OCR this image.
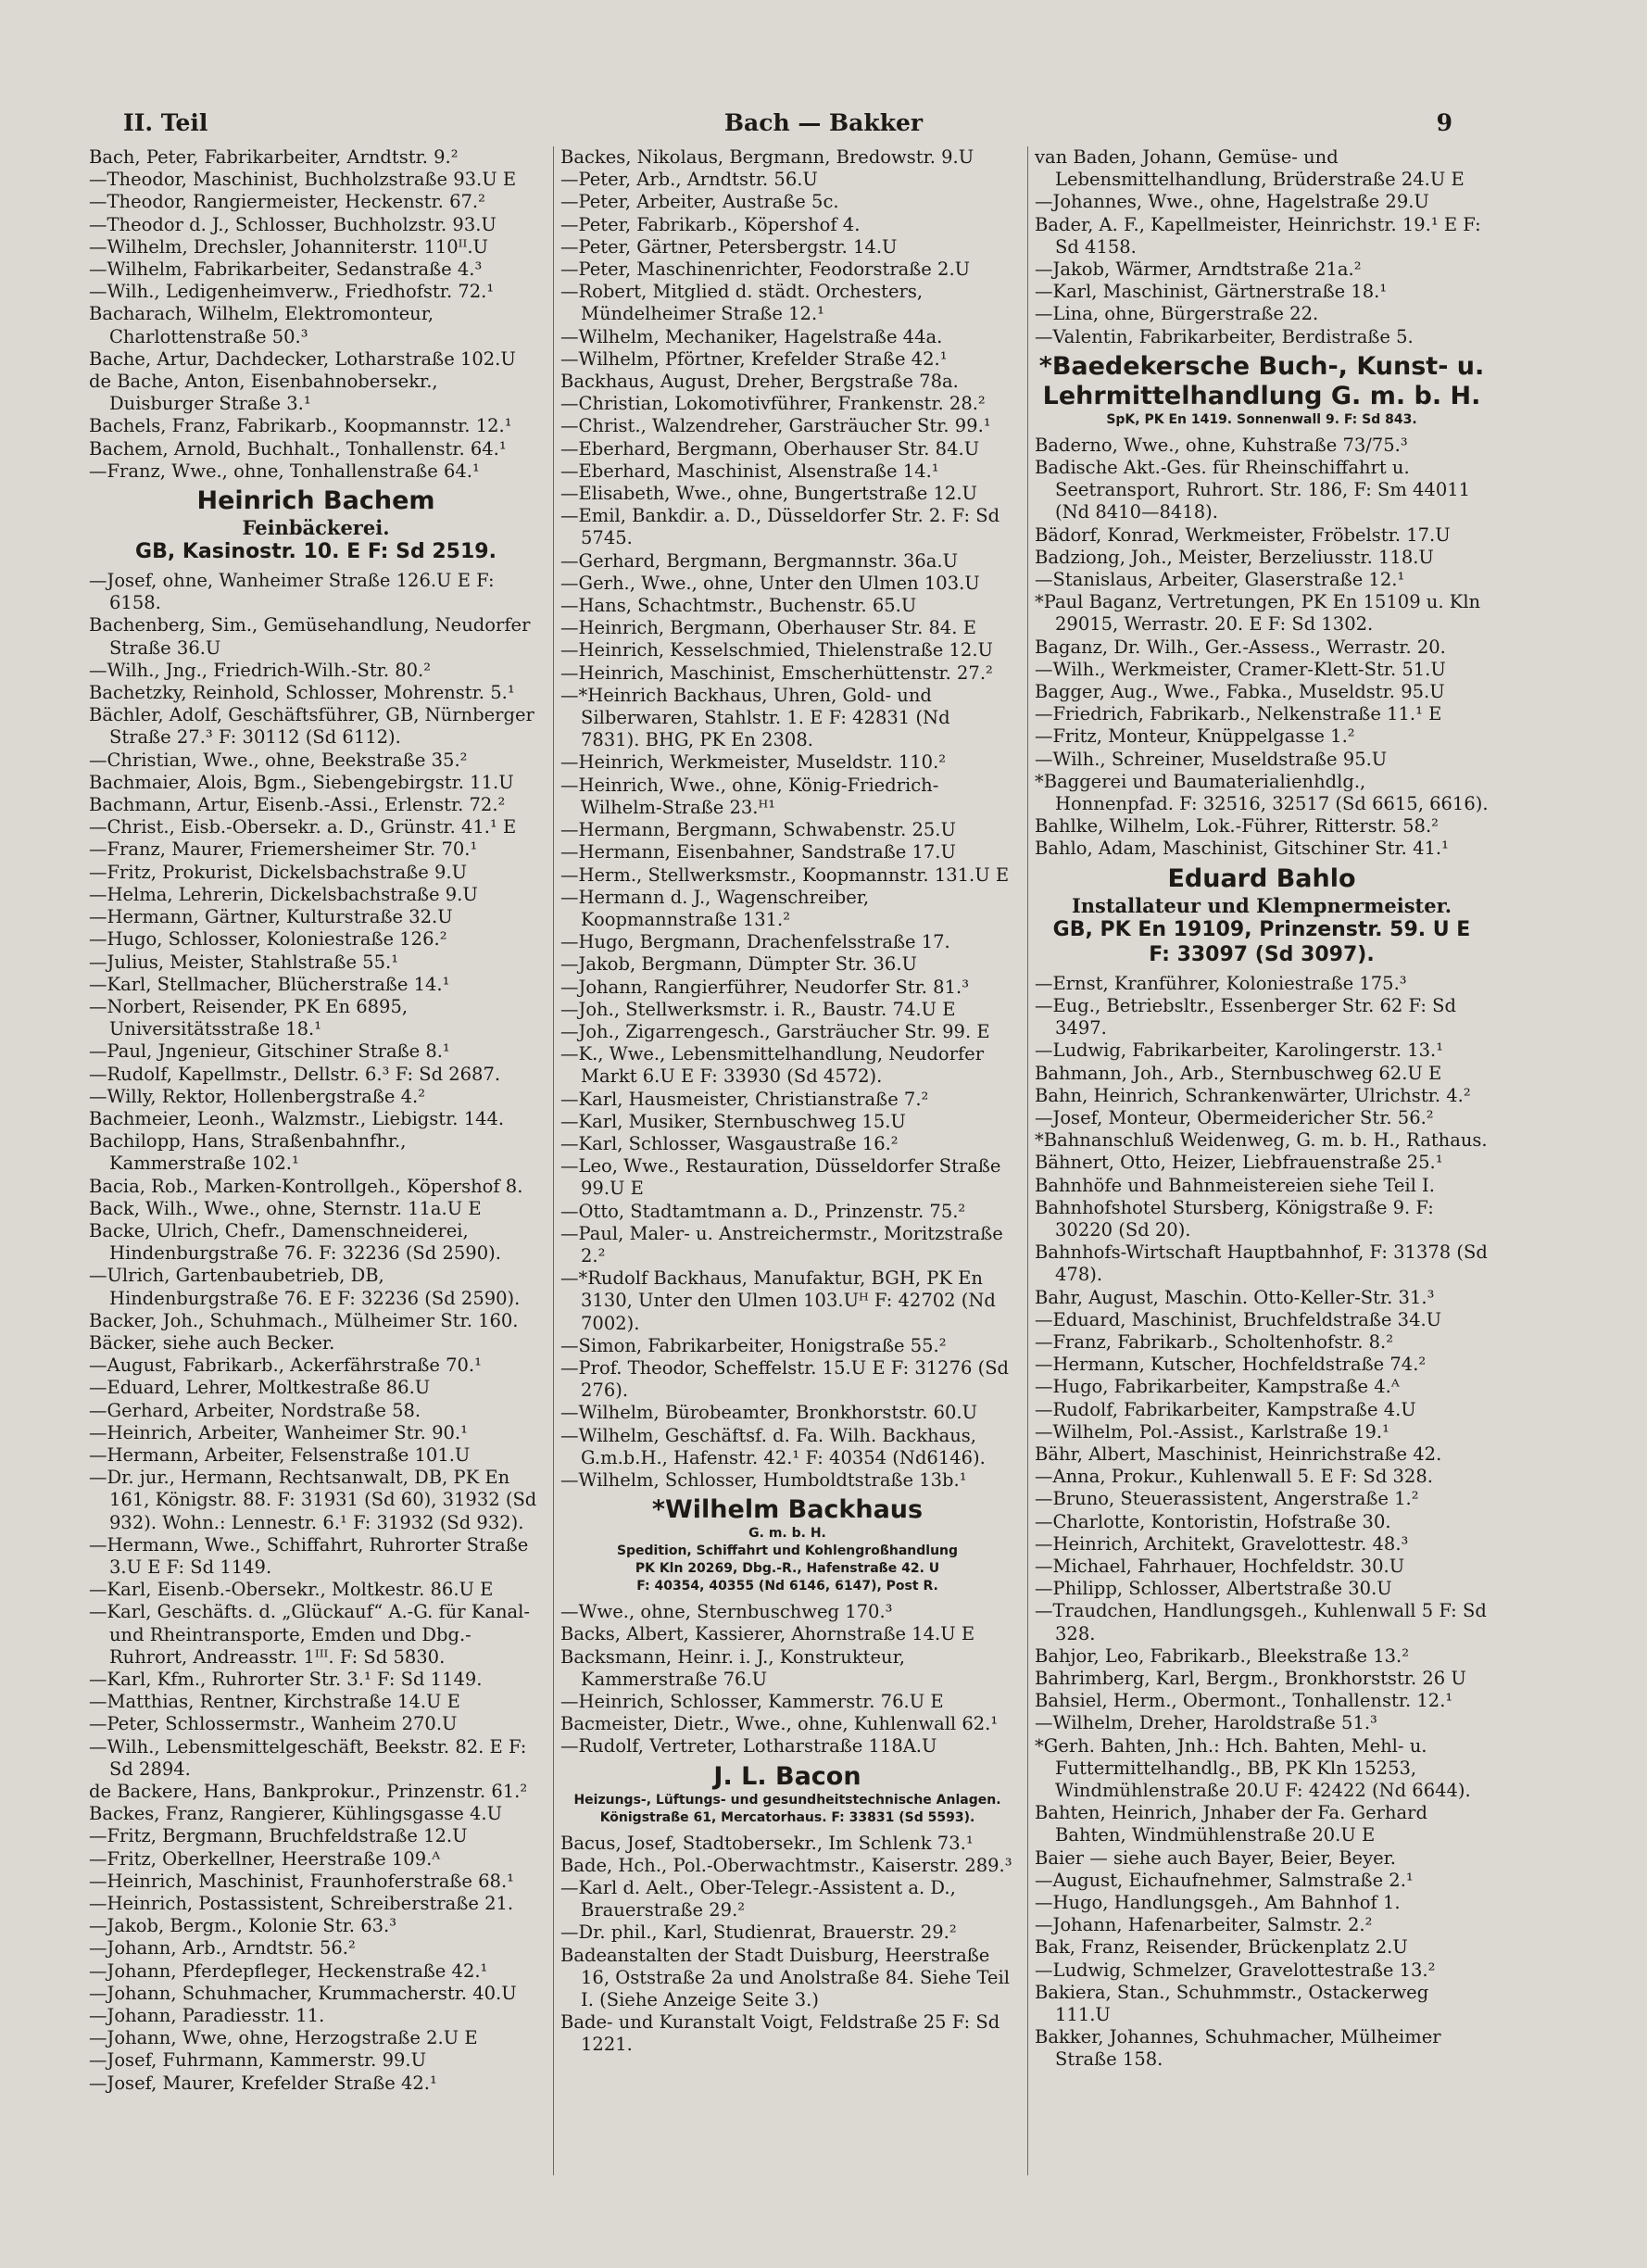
II. Teil	Bach — Bakker	9

Bach, Peter, Fabrikarbeiter, Arndtstr. 9.²

—Theodor, Maschinist, Buchholzstraße 93.U E

—Theodor, Rangiermeister, Heckenstr. 67.²

—Theodor d. J., Schlosser, Buchholzstr. 93.U

—Wilhelm, Drechsler, Johanniterstr. 110ᴵᴵ.U

—Wilhelm, Fabrikarbeiter, Sedanstraße 4.³

—Wilh., Ledigenheimverw., Friedhofstr. 72.¹

Bacharach, Wilhelm, Elektromonteur, Charlottenstraße 50.³

Bache, Artur, Dachdecker, Lotharstraße 102.U

de Bache, Anton, Eisenbahnobersekr., Duisburger Straße 3.¹

Bachels, Franz, Fabrikarb., Koopmannstr. 12.¹

Bachem, Arnold, Buchhalt., Tonhallenstr. 64.¹

—Franz, Wwe., ohne, Tonhallenstraße 64.¹

Heinrich Bachem
Feinbäckerei.
GB, Kasinostr. 10. E F: Sd 2519.

—Josef, ohne, Wanheimer Straße 126.U E F: 6158.

Bachenberg, Sim., Gemüsehandlung, Neudorfer Straße 36.U

—Wilh., Jng., Friedrich-Wilh.-Str. 80.²

Bachetzky, Reinhold, Schlosser, Mohrenstr. 5.¹

Bächler, Adolf, Geschäftsführer, GB, Nürnberger Straße 27.³ F: 30112 (Sd 6112).

—Christian, Wwe., ohne, Beekstraße 35.²

Bachmaier, Alois, Bgm., Siebengebirgstr. 11.U

Bachmann, Artur, Eisenb.-Assi., Erlenstr. 72.²

—Christ., Eisb.-Obersekr. a. D., Grünstr. 41.¹ E

—Franz, Maurer, Friemersheimer Str. 70.¹

—Fritz, Prokurist, Dickelsbachstraße 9.U

—Helma, Lehrerin, Dickelsbachstraße 9.U

—Hermann, Gärtner, Kulturstraße 32.U

—Hugo, Schlosser, Koloniestraße 126.²

—Julius, Meister, Stahlstraße 55.¹

—Karl, Stellmacher, Blücherstraße 14.¹

—Norbert, Reisender, PK En 6895, Universitätsstraße 18.¹

—Paul, Jngenieur, Gitschiner Straße 8.¹

—Rudolf, Kapellmstr., Dellstr. 6.³ F: Sd 2687.

—Willy, Rektor, Hollenbergstraße 4.²

Bachmeier, Leonh., Walzmstr., Liebigstr. 144.

Bachilopp, Hans, Straßenbahnfhr., Kammerstraße 102.¹

Bacia, Rob., Marken-Kontrollgeh., Köpershof 8.

Back, Wilh., Wwe., ohne, Sternstr. 11a.U E

Backe, Ulrich, Chefr., Damenschneiderei, Hindenburgstraße 76. F: 32236 (Sd 2590).

—Ulrich, Gartenbaubetrieb, DB, Hindenburgstraße 76. E F: 32236 (Sd 2590).

Backer, Joh., Schuhmach., Mülheimer Str. 160.

Bäcker, siehe auch Becker.

—August, Fabrikarb., Ackerfährstraße 70.¹

—Eduard, Lehrer, Moltkestraße 86.U

—Gerhard, Arbeiter, Nordstraße 58.

—Heinrich, Arbeiter, Wanheimer Str. 90.¹

—Hermann, Arbeiter, Felsenstraße 101.U

—Dr. jur., Hermann, Rechtsanwalt, DB, PK En 161, Königstr. 88. F: 31931 (Sd 60), 31932 (Sd 932). Wohn.: Lennestr. 6.¹ F: 31932 (Sd 932).

—Hermann, Wwe., Schiffahrt, Ruhrorter Straße 3.U E F: Sd 1149.

—Karl, Eisenb.-Obersekr., Moltkestr. 86.U E

—Karl, Geschäfts. d. „Glückauf“ A.-G. für Kanal- und Rheintransporte, Emden und Dbg.-Ruhrort, Andreasstr. 1ᴵᴵᴵ. F: Sd 5830.

—Karl, Kfm., Ruhrorter Str. 3.¹ F: Sd 1149.

—Matthias, Rentner, Kirchstraße 14.U E

—Peter, Schlossermstr., Wanheim 270.U

—Wilh., Lebensmittelgeschäft, Beekstr. 82. E F: Sd 2894.

de Backere, Hans, Bankprokur., Prinzenstr. 61.²

Backes, Franz, Rangierer, Kühlingsgasse 4.U

—Fritz, Bergmann, Bruchfeldstraße 12.U

—Fritz, Oberkellner, Heerstraße 109.ᴬ

—Heinrich, Maschinist, Fraunhoferstraße 68.¹

—Heinrich, Postassistent, Schreiberstraße 21.

—Jakob, Bergm., Kolonie Str. 63.³

—Johann, Arb., Arndtstr. 56.²

—Johann, Pferdepfleger, Heckenstraße 42.¹

—Johann, Schuhmacher, Krummacherstr. 40.U

—Johann, Paradiesstr. 11.

—Johann, Wwe, ohne, Herzogstraße 2.U E

—Josef, Fuhrmann, Kammerstr. 99.U

—Josef, Maurer, Krefelder Straße 42.¹

Backes, Nikolaus, Bergmann, Bredowstr. 9.U

—Peter, Arb., Arndtstr. 56.U

—Peter, Arbeiter, Austraße 5c.

—Peter, Fabrikarb., Köpershof 4.

—Peter, Gärtner, Petersbergstr. 14.U

—Peter, Maschinenrichter, Feodorstraße 2.U

—Robert, Mitglied d. städt. Orchesters, Mündelheimer Straße 12.¹

—Wilhelm, Mechaniker, Hagelstraße 44a.

—Wilhelm, Pförtner, Krefelder Straße 42.¹

Backhaus, August, Dreher, Bergstraße 78a.

—Christian, Lokomotivführer, Frankenstr. 28.²

—Christ., Walzendreher, Garsträucher Str. 99.¹

—Eberhard, Bergmann, Oberhauser Str. 84.U

—Eberhard, Maschinist, Alsenstraße 14.¹

—Elisabeth, Wwe., ohne, Bungertstraße 12.U

—Emil, Bankdir. a. D., Düsseldorfer Str. 2. F: Sd 5745.

—Gerhard, Bergmann, Bergmannstr. 36a.U

—Gerh., Wwe., ohne, Unter den Ulmen 103.U

—Hans, Schachtmstr., Buchenstr. 65.U

—Heinrich, Bergmann, Oberhauser Str. 84. E

—Heinrich, Kesselschmied, Thielenstraße 12.U

—Heinrich, Maschinist, Emscherhüttenstr. 27.²

—*Heinrich Backhaus, Uhren, Gold- und Silberwaren, Stahlstr. 1. E F: 42831 (Nd 7831). BHG, PK En 2308.

—Heinrich, Werkmeister, Museldstr. 110.²

—Heinrich, Wwe., ohne, König-Friedrich-Wilhelm-Straße 23.ᴴ¹

—Hermann, Bergmann, Schwabenstr. 25.U

—Hermann, Eisenbahner, Sandstraße 17.U

—Herm., Stellwerksmstr., Koopmannstr. 131.U E

—Hermann d. J., Wagenschreiber, Koopmannstraße 131.²

—Hugo, Bergmann, Drachenfelsstraße 17.

—Jakob, Bergmann, Dümpter Str. 36.U

—Johann, Rangierführer, Neudorfer Str. 81.³

—Joh., Stellwerksmstr. i. R., Baustr. 74.U E

—Joh., Zigarrengesch., Garsträucher Str. 99. E

—K., Wwe., Lebensmittelhandlung, Neudorfer Markt 6.U E F: 33930 (Sd 4572).

—Karl, Hausmeister, Christianstraße 7.²

—Karl, Musiker, Sternbuschweg 15.U

—Karl, Schlosser, Wasgaustraße 16.²

—Leo, Wwe., Restauration, Düsseldorfer Straße 99.U E

—Otto, Stadtamtmann a. D., Prinzenstr. 75.²

—Paul, Maler- u. Anstreichermstr., Moritzstraße 2.²

—*Rudolf Backhaus, Manufaktur, BGH, PK En 3130, Unter den Ulmen 103.Uᴴ F: 42702 (Nd 7002).

—Simon, Fabrikarbeiter, Honigstraße 55.²

—Prof. Theodor, Scheffelstr. 15.U E F: 31276 (Sd 276).

—Wilhelm, Bürobeamter, Bronkhorststr. 60.U

—Wilhelm, Geschäftsf. d. Fa. Wilh. Backhaus, G.m.b.H., Hafenstr. 42.¹ F: 40354 (Nd6146).

—Wilhelm, Schlosser, Humboldtstraße 13b.¹

*Wilhelm Backhaus
G. m. b. H.
Spedition, Schiffahrt und Kohlengroßhandlung
PK Kln 20269, Dbg.-R., Hafenstraße 42. U
F: 40354, 40355 (Nd 6146, 6147), Post R.

—Wwe., ohne, Sternbuschweg 170.³

Backs, Albert, Kassierer, Ahornstraße 14.U E

Backsmann, Heinr. i. J., Konstrukteur, Kammerstraße 76.U

—Heinrich, Schlosser, Kammerstr. 76.U E

Bacmeister, Dietr., Wwe., ohne, Kuhlenwall 62.¹

—Rudolf, Vertreter, Lotharstraße 118A.U

J. L. Bacon
Heizungs-, Lüftungs- und gesundheitstechnische Anlagen.
Königstraße 61, Mercatorhaus. F: 33831 (Sd 5593).

Bacus, Josef, Stadtobersekr., Im Schlenk 73.¹

Bade, Hch., Pol.-Oberwachtmstr., Kaiserstr. 289.³

—Karl d. Aelt., Ober-Telegr.-Assistent a. D., Brauerstraße 29.²

—Dr. phil., Karl, Studienrat, Brauerstr. 29.²

Badeanstalten der Stadt Duisburg, Heerstraße 16, Oststraße 2a und Anolstraße 84. Siehe Teil I. (Siehe Anzeige Seite 3.)

Bade- und Kuranstalt Voigt, Feldstraße 25 F: Sd 1221.

van Baden, Johann, Gemüse- und Lebensmittelhandlung, Brüderstraße 24.U E

—Johannes, Wwe., ohne, Hagelstraße 29.U

Bader, A. F., Kapellmeister, Heinrichstr. 19.¹ E F: Sd 4158.

—Jakob, Wärmer, Arndtstraße 21a.²

—Karl, Maschinist, Gärtnerstraße 18.¹

—Lina, ohne, Bürgerstraße 22.

—Valentin, Fabrikarbeiter, Berdistraße 5.

*Baedekersche Buch-, Kunst- u.
Lehrmittelhandlung G. m. b. H.
SpK, PK En 1419. Sonnenwall 9. F: Sd 843.

Baderno, Wwe., ohne, Kuhstraße 73/75.³

Badische Akt.-Ges. für Rheinschiffahrt u. Seetransport, Ruhrort. Str. 186, F: Sm 44011 (Nd 8410—8418).

Bädorf, Konrad, Werkmeister, Fröbelstr. 17.U

Badziong, Joh., Meister, Berzeliusstr. 118.U

—Stanislaus, Arbeiter, Glaserstraße 12.¹

*Paul Baganz, Vertretungen, PK En 15109 u. Kln 29015, Werrastr. 20. E F: Sd 1302.

Baganz, Dr. Wilh., Ger.-Assess., Werrastr. 20.

—Wilh., Werkmeister, Cramer-Klett-Str. 51.U

Bagger, Aug., Wwe., Fabka., Museldstr. 95.U

—Friedrich, Fabrikarb., Nelkenstraße 11.¹ E

—Fritz, Monteur, Knüppelgasse 1.²

—Wilh., Schreiner, Museldstraße 95.U

*Baggerei und Baumaterialienhdlg., Honnenpfad. F: 32516, 32517 (Sd 6615, 6616).

Bahlke, Wilhelm, Lok.-Führer, Ritterstr. 58.²

Bahlo, Adam, Maschinist, Gitschiner Str. 41.¹

Eduard Bahlo
Installateur und Klempnermeister.
GB, PK En 19109, Prinzenstr. 59. U E
F: 33097 (Sd 3097).

—Ernst, Kranführer, Koloniestraße 175.³

—Eug., Betriebsltr., Essenberger Str. 62 F: Sd 3497.

—Ludwig, Fabrikarbeiter, Karolingerstr. 13.¹

Bahmann, Joh., Arb., Sternbuschweg 62.U E

Bahn, Heinrich, Schrankenwärter, Ulrichstr. 4.²

—Josef, Monteur, Obermeidericher Str. 56.²

*Bahnanschluß Weidenweg, G. m. b. H., Rathaus.

Bähnert, Otto, Heizer, Liebfrauenstraße 25.¹

Bahnhöfe und Bahnmeistereien siehe Teil I.

Bahnhofshotel Stursberg, Königstraße 9. F: 30220 (Sd 20).

Bahnhofs-Wirtschaft Hauptbahnhof, F: 31378 (Sd 478).

Bahr, August, Maschin. Otto-Keller-Str. 31.³

—Eduard, Maschinist, Bruchfeldstraße 34.U

—Franz, Fabrikarb., Scholtenhofstr. 8.²

—Hermann, Kutscher, Hochfeldstraße 74.²

—Hugo, Fabrikarbeiter, Kampstraße 4.ᴬ

—Rudolf, Fabrikarbeiter, Kampstraße 4.U

—Wilhelm, Pol.-Assist., Karlstraße 19.¹

Bähr, Albert, Maschinist, Heinrichstraße 42.

—Anna, Prokur., Kuhlenwall 5. E F: Sd 328.

—Bruno, Steuerassistent, Angerstraße 1.²

—Charlotte, Kontoristin, Hofstraße 30.

—Heinrich, Architekt, Gravelottestr. 48.³

—Michael, Fahrhauer, Hochfeldstr. 30.U

—Philipp, Schlosser, Albertstraße 30.U

—Traudchen, Handlungsgeh., Kuhlenwall 5 F: Sd 328.

Bahjor, Leo, Fabrikarb., Bleekstraße 13.²

Bahrimberg, Karl, Bergm., Bronkhorststr. 26 U

Bahsiel, Herm., Obermont., Tonhallenstr. 12.¹

—Wilhelm, Dreher, Haroldstraße 51.³

*Gerh. Bahten, Jnh.: Hch. Bahten, Mehl- u. Futtermittelhandlg., BB, PK Kln 15253, Windmühlenstraße 20.U F: 42422 (Nd 6644).

Bahten, Heinrich, Jnhaber der Fa. Gerhard Bahten, Windmühlenstraße 20.U E

Baier — siehe auch Bayer, Beier, Beyer.

—August, Eichaufnehmer, Salmstraße 2.¹

—Hugo, Handlungsgeh., Am Bahnhof 1.

—Johann, Hafenarbeiter, Salmstr. 2.²

Bak, Franz, Reisender, Brückenplatz 2.U

—Ludwig, Schmelzer, Gravelottestraße 13.²

Bakiera, Stan., Schuhmmstr., Ostackerweg 111.U

Bakker, Johannes, Schuhmacher, Mülheimer Straße 158.
